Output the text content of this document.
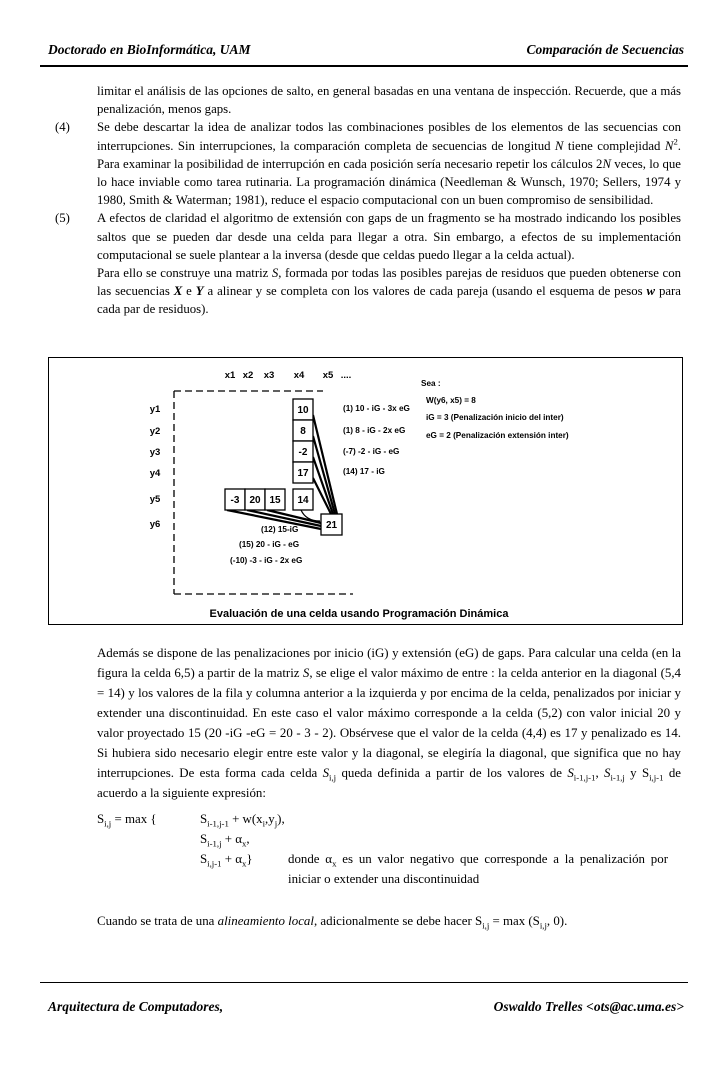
Doctorado en BioInformática, UAM	Comparación de Secuencias

limitar el análisis de las opciones de salto, en general basadas en una ventana de inspección. Recuerde, que a más penalización, menos gaps.

(4) Se debe descartar la idea de analizar todos las combinaciones posibles de los elementos de las secuencias con interrupciones. Sin interrupciones, la comparación completa de secuencias de longitud N tiene complejidad $N^2$. Para examinar la posibilidad de interrupción en cada posición sería necesario repetir los cálculos 2N veces, lo que lo hace inviable como tarea rutinaria. La programación dinámica (Needleman & Wunsch, 1970; Sellers, 1974 y 1980, Smith & Waterman; 1981), reduce el espacio computacional con un buen compromiso de sensibilidad.

(5) A efectos de claridad el algoritmo de extensión con gaps de un fragmento se ha mostrado indicando los posibles saltos que se pueden dar desde una celda para llegar a otra. Sin embargo, a efectos de su implementación computacional se suele plantear a la inversa (desde que celdas puedo llegar a la celda actual).

Para ello se construye una matriz S, formada por todas las posibles parejas de residuos que pueden obtenerse con las secuencias X e Y a alinear y se completa con los valores de cada pareja (usando el esquema de pesos w para cada par de residuos).

x1 x2 x3 x4 x5 ....
y1
y2
y3
y4
y5
y6
10
8
-2
17
-3 20 15 14
21
(1) 10 - iG - 3x eG
(1) 8 - iG - 2x eG
(-7) -2 - iG - eG
(14) 17 - iG
(12) 15-iG
(15) 20 - iG - eG
(-10) -3 - iG - 2x eG
Sea :
W(y6, x5) = 8
iG = 3 (Penalización inicio del inter)
eG = 2 (Penalización extensión inter)
Evaluación de una celda usando Programación Dinámica

Además se dispone de las penalizaciones por inicio (iG) y extensión (eG) de gaps. Para calcular una celda (en la figura la celda 6,5) a partir de la matriz S, se elige el valor máximo de entre : la celda anterior en la diagonal (5,4 = 14) y los valores de la fila y columna anterior a la izquierda y por encima de la celda, penalizados por iniciar y extender una discontinuidad. En este caso el valor máximo corresponde a la celda (5,2) con valor inicial 20 y valor proyectado 15 (20 -iG -eG = 20 - 3 - 2). Obsérvese que el valor de la celda (4,4) es 17 y penalizado es 14. Si hubiera sido necesario elegir entre este valor y la diagonal, se elegiría la diagonal, que significa que no hay interrupciones. De esta forma cada celda $S_{i,j}$ queda definida a partir de los valores de $S_{i-1,j-1}$, $S_{i-1,j}$ y $S_{i,j-1}$ de acuerdo a la siguiente expresión:

$S_{i,j} = \max$ {	$S_{i-1,j-1} + w(x_i,y_j)$,
$S_{i-1,j} + \alpha_x$,
$S_{i,j-1} + \alpha_x$}	donde $\alpha_x$ es un valor negativo que corresponde a la penalización por iniciar o extender una discontinuidad

Cuando se trata de una alineamiento local, adicionalmente se debe hacer $S_{i,j} = \max (S_{i,j}$, 0).

Arquitectura de Computadores,	Oswaldo Trelles <ots@ac.uma.es>
